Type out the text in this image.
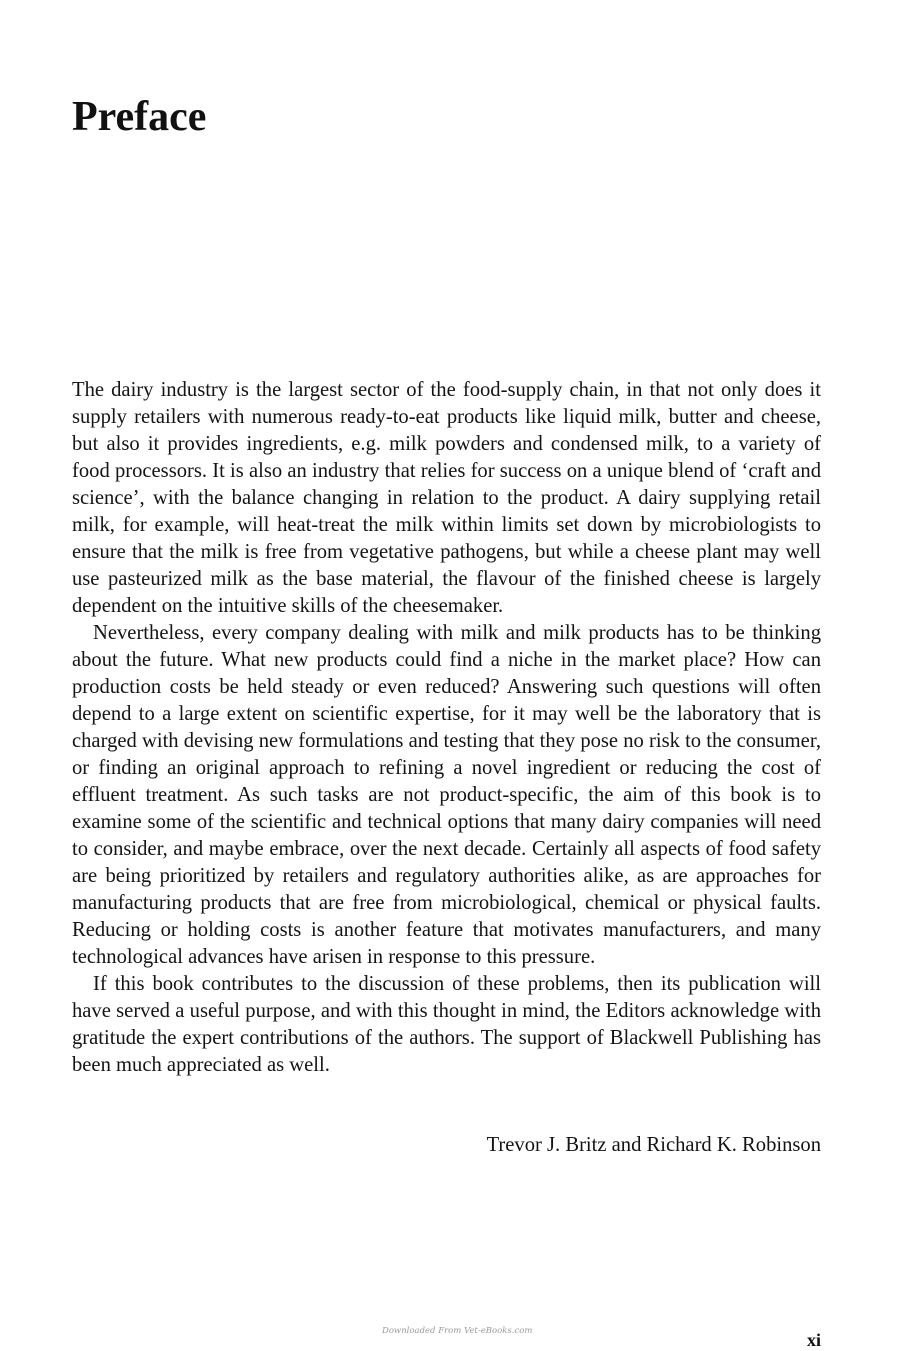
Preface

The dairy industry is the largest sector of the food-supply chain, in that not only does it supply retailers with numerous ready-to-eat products like liquid milk, butter and cheese, but also it provides ingredients, e.g. milk powders and condensed milk, to a variety of food processors. It is also an industry that relies for success on a unique blend of ‘craft and science’, with the balance changing in relation to the product. A dairy supplying retail milk, for example, will heat-treat the milk within limits set down by microbiologists to ensure that the milk is free from vegetative pathogens, but while a cheese plant may well use pasteurized milk as the base material, the flavour of the finished cheese is largely dependent on the intuitive skills of the cheesemaker.

Nevertheless, every company dealing with milk and milk products has to be thinking about the future. What new products could find a niche in the market place? How can production costs be held steady or even reduced? Answering such questions will often depend to a large extent on scientific expertise, for it may well be the laboratory that is charged with devising new formulations and testing that they pose no risk to the consumer, or finding an original approach to refining a novel ingredient or reducing the cost of effluent treatment. As such tasks are not product-specific, the aim of this book is to examine some of the scientific and technical options that many dairy companies will need to consider, and maybe embrace, over the next decade. Certainly all aspects of food safety are being prioritized by retailers and regulatory authorities alike, as are approaches for manufacturing products that are free from microbiological, chemical or physical faults. Reducing or holding costs is another feature that motivates manufacturers, and many technological advances have arisen in response to this pressure.

If this book contributes to the discussion of these problems, then its publication will have served a useful purpose, and with this thought in mind, the Editors acknowledge with gratitude the expert contributions of the authors. The support of Blackwell Publishing has been much appreciated as well.

Trevor J. Britz and Richard K. Robinson

Downloaded From Vet-eBooks.com	xi
